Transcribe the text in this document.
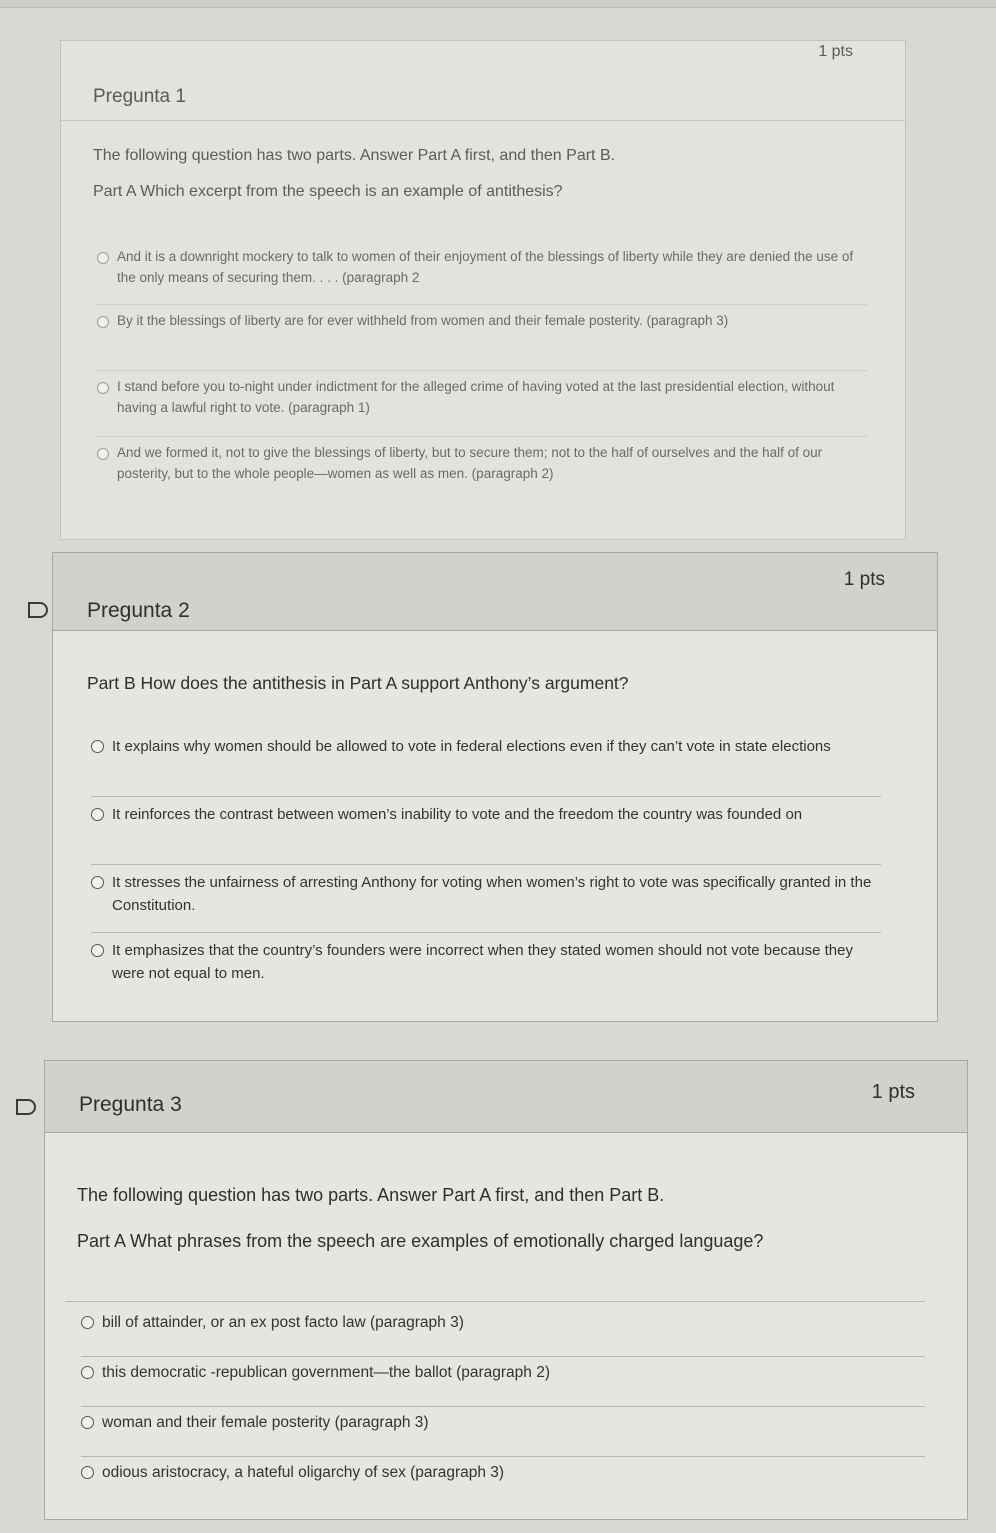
Pregunta 1
1 pts
The following question has two parts. Answer Part A first, and then Part B.
Part A Which excerpt from the speech is an example of antithesis?
And it is a downright mockery to talk to women of their enjoyment of the blessings of liberty while they are denied the use of the only means of securing them. . . . (paragraph 2
By it the blessings of liberty are for ever withheld from women and their female posterity. (paragraph 3)
I stand before you to-night under indictment for the alleged crime of having voted at the last presidential election, without having a lawful right to vote. (paragraph 1)
And we formed it, not to give the blessings of liberty, but to secure them; not to the half of ourselves and the half of our posterity, but to the whole people—women as well as men. (paragraph 2)
Pregunta 2
1 pts
Part B How does the antithesis in Part A support Anthony’s argument?
It explains why women should be allowed to vote in federal elections even if they can’t vote in state elections
It reinforces the contrast between women’s inability to vote and the freedom the country was founded on
It stresses the unfairness of arresting Anthony for voting when women’s right to vote was specifically granted in the Constitution.
It emphasizes that the country’s founders were incorrect when they stated women should not vote because they were not equal to men.
Pregunta 3
1 pts
The following question has two parts. Answer Part A first, and then Part B.
Part A What phrases from the speech are examples of emotionally charged language?
bill of attainder, or an ex post facto law (paragraph 3)
this democratic -republican government—the ballot (paragraph 2)
woman and their female posterity (paragraph 3)
odious aristocracy, a hateful oligarchy of sex (paragraph 3)
